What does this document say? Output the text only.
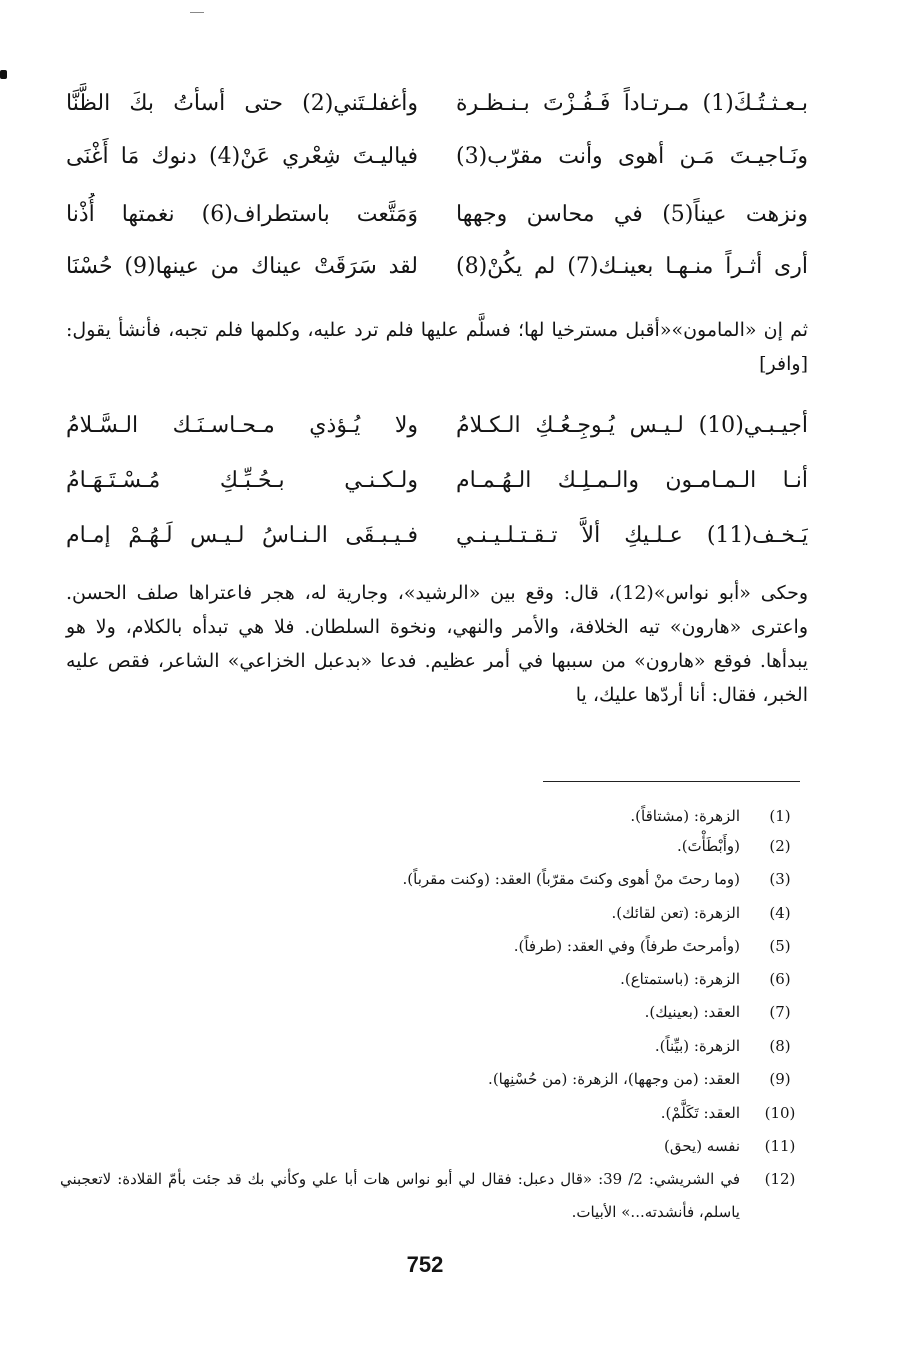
بـعـثـتُـكَ(1) مـرتـاداً فَـفُـزْتَ بـنـظـرة
وأغفلـتَني(2) حتى أسأتُ بكَ الظَّنَّا
ونَـاجيـتَ مَـن أهوى وأنت مقرّب(3)
فياليـتَ شِعْري عَنْ(4) دنوك مَا أَغْنَى
ونزهت عيناً(5) في محاسن وجهها
وَمَتَّعت باستطراف(6) نغمتها أُذْنا
أرى أثـراً منـهـا بعينـك(7) لم يكُنْ(8)
لقد سَرَقَتْ عيناك من عينها(9) حُسْنَا
ثم إن «المامون»«أقبل مسترخيا لها؛ فسلَّم عليها فلم ترد عليه، وكلمها فلم تجبه، فأنشأ يقول: [وافر]
أجيـبـي(10) لـيـس يُـوجِـعُـكِ الـكـلامُ
ولا يُـؤذي مـحـاسـنَـك الـسَّـلامُ
أنـا الـمـامـون والـمـلِـك الـهُـمـام
ولـكـنـي بـحُـبِّـكِ مُـسْـتَـهَـامُ
يَـخـف(11) عـلـيكِ ألاَّ تـقـتـلـيـنـي
فـيـبـقَى الـنـاسُ لـيـس لَـهُـمْ إمـام
وحكى «أبو نواس»(12)، قال: وقع بين «الرشيد»، وجارية له، هجر فاعتراها صلف الحسن. واعترى «هارون» تيه الخلافة، والأمر والنهي، ونخوة السلطان. فلا هي تبدأه بالكلام، ولا هو يبدأها. فوقع «هارون» من سببها في أمر عظيم. فدعا «بدعبل الخزاعي» الشاعر، فقص عليه الخبر، فقال: أنا أردّها عليك، يا
(1)
الزهرة: (مشتاقاً).
(2)
(وأَبْطَأْتَ).
(3)
(وما رحتَ منْ أهوى وكنتَ مقرّباً) العقد: (وكنت مقرباً).
(4)
الزهرة: (تعن لقائك).
(5)
(وأمرحتَ طرفاً) وفي العقد: (طرفاً).
(6)
الزهرة: (باستمتاع).
(7)
العقد: (بعينيك).
(8)
الزهرة: (بيِّناً).
(9)
العقد: (من وجهها)، الزهرة: (من حُسْنِها).
(10)
العقد: تَكَلَّمْ).
(11)
نفسه (يحق)
(12)
في الشريشي: 2/ 39: «قال دعبل: فقال لي أبو نواس هات أبا علي وكأني بك قد جئت بأمّ القلادة: لاتعجبني ياسلم، فأنشدته...» الأبيات.
752
